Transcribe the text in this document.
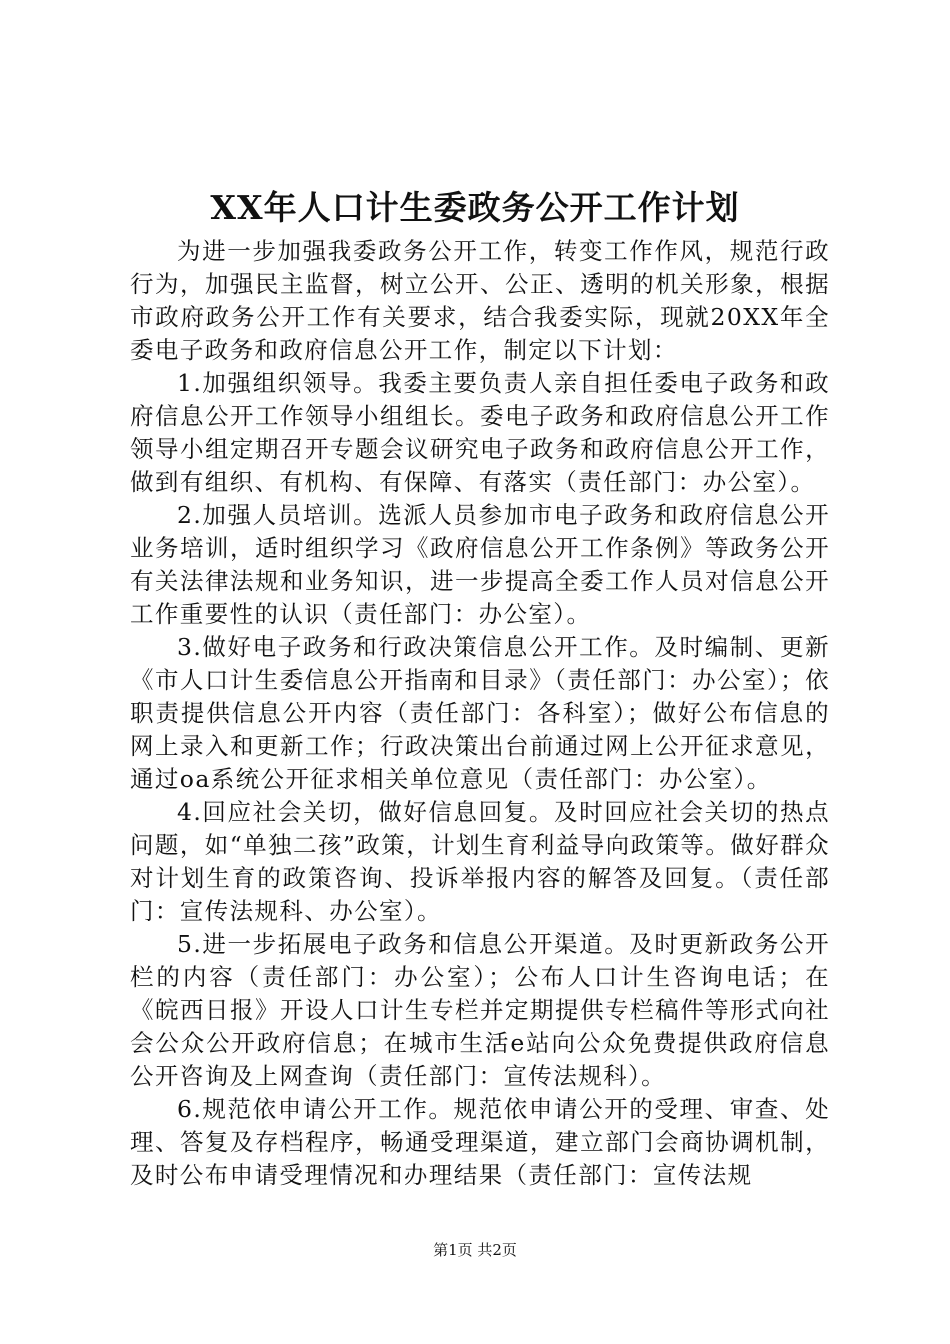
XX年人口计生委政务公开工作计划

为进一步加强我委政务公开工作，转变工作作风，规范行政行为，加强民主监督，树立公开、公正、透明的机关形象，根据市政府政务公开工作有关要求，结合我委实际，现就20XX年全委电子政务和政府信息公开工作，制定以下计划：

1.加强组织领导。我委主要负责人亲自担任委电子政务和政府信息公开工作领导小组组长。委电子政务和政府信息公开工作领导小组定期召开专题会议研究电子政务和政府信息公开工作，做到有组织、有机构、有保障、有落实（责任部门：办公室）。

2.加强人员培训。选派人员参加市电子政务和政府信息公开业务培训，适时组织学习《政府信息公开工作条例》等政务公开有关法律法规和业务知识，进一步提高全委工作人员对信息公开工作重要性的认识（责任部门：办公室）。

3.做好电子政务和行政决策信息公开工作。及时编制、更新《市人口计生委信息公开指南和目录》（责任部门：办公室）；依职责提供信息公开内容（责任部门：各科室）；做好公布信息的网上录入和更新工作；行政决策出台前通过网上公开征求意见，通过oa系统公开征求相关单位意见（责任部门：办公室）。

4.回应社会关切，做好信息回复。及时回应社会关切的热点问题，如“单独二孩”政策，计划生育利益导向政策等。做好群众对计划生育的政策咨询、投诉举报内容的解答及回复。（责任部门：宣传法规科、办公室）。

5.进一步拓展电子政务和信息公开渠道。及时更新政务公开栏的内容（责任部门：办公室）；公布人口计生咨询电话；在《皖西日报》开设人口计生专栏并定期提供专栏稿件等形式向社会公众公开政府信息；在城市生活e站向公众免费提供政府信息公开咨询及上网查询（责任部门：宣传法规科）。

6.规范依申请公开工作。规范依申请公开的受理、审查、处理、答复及存档程序，畅通受理渠道，建立部门会商协调机制，及时公布申请受理情况和办理结果（责任部门：宣传法规

第1页 共2页
